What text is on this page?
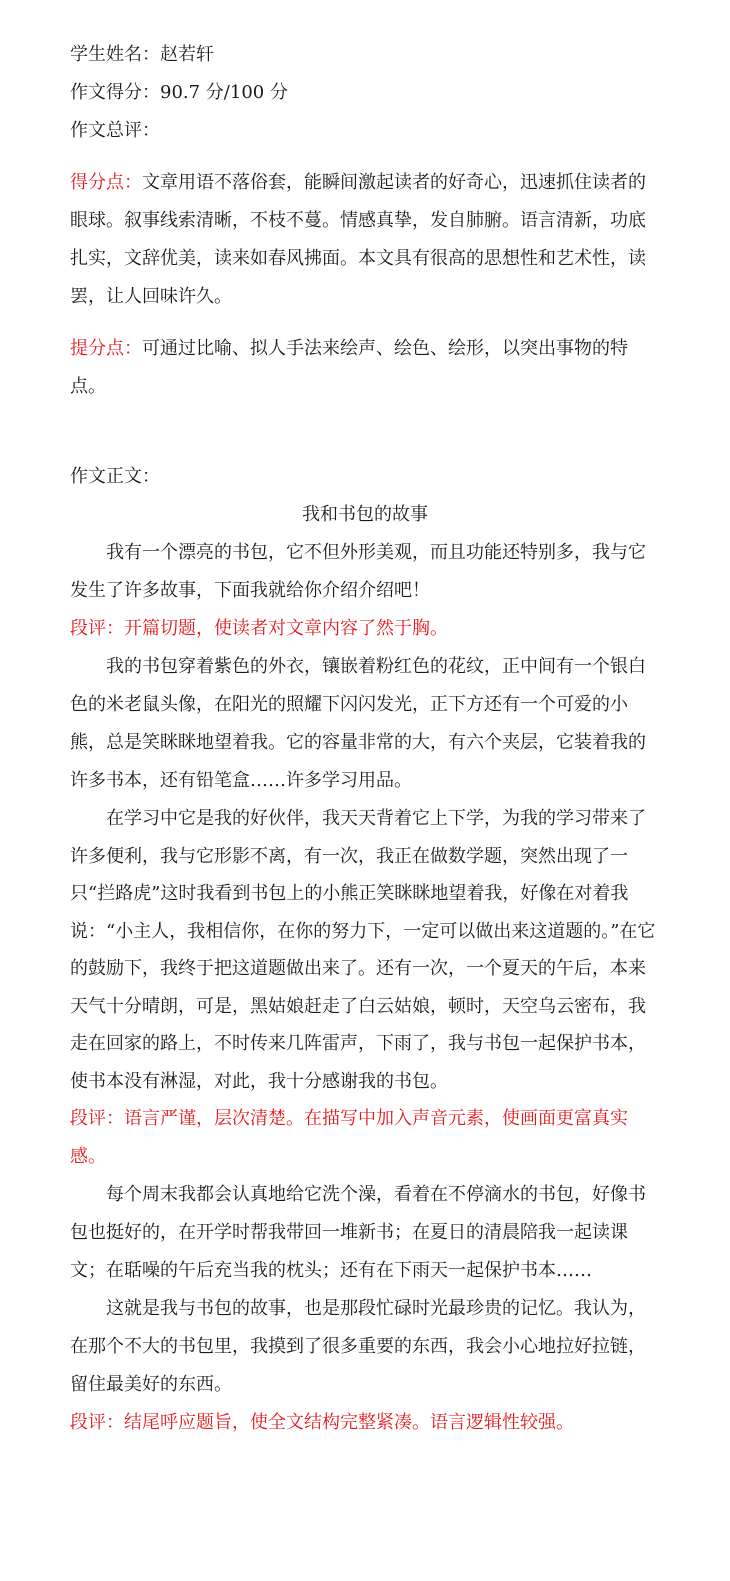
学生姓名：赵若轩
作文得分：90.7 分/100 分
作文总评：

得分点：文章用语不落俗套，能瞬间激起读者的好奇心，迅速抓住读者的眼球。叙事线索清晰，不枝不蔓。情感真挚，发自肺腑。语言清新，功底扎实，文辞优美，读来如春风拂面。本文具有很高的思想性和艺术性，读罢，让人回味许久。

提分点：可通过比喻、拟人手法来绘声、绘色、绘形，以突出事物的特点。

作文正文：
我和书包的故事

我有一个漂亮的书包，它不但外形美观，而且功能还特别多，我与它发生了许多故事，下面我就给你介绍介绍吧！

段评：开篇切题，使读者对文章内容了然于胸。

我的书包穿着紫色的外衣，镶嵌着粉红色的花纹，正中间有一个银白色的米老鼠头像，在阳光的照耀下闪闪发光，正下方还有一个可爱的小熊，总是笑眯眯地望着我。它的容量非常的大，有六个夹层，它装着我的许多书本，还有铅笔盒……许多学习用品。

在学习中它是我的好伙伴，我天天背着它上下学，为我的学习带来了许多便利，我与它形影不离，有一次，我正在做数学题，突然出现了一只“拦路虎”这时我看到书包上的小熊正笑眯眯地望着我，好像在对着我说：“小主人，我相信你，在你的努力下，一定可以做出来这道题的。”在它的鼓励下，我终于把这道题做出来了。还有一次，一个夏天的午后，本来天气十分晴朗，可是，黑姑娘赶走了白云姑娘，顿时，天空乌云密布，我走在回家的路上，不时传来几阵雷声，下雨了，我与书包一起保护书本，使书本没有淋湿，对此，我十分感谢我的书包。

段评：语言严谨，层次清楚。在描写中加入声音元素，使画面更富真实感。

每个周末我都会认真地给它洗个澡，看着在不停滴水的书包，好像书包也挺好的，在开学时帮我带回一堆新书；在夏日的清晨陪我一起读课文；在聒噪的午后充当我的枕头；还有在下雨天一起保护书本……

这就是我与书包的故事，也是那段忙碌时光最珍贵的记忆。我认为，在那个不大的书包里，我摸到了很多重要的东西，我会小心地拉好拉链，留住最美好的东西。

段评：结尾呼应题旨，使全文结构完整紧凑。语言逻辑性较强。
